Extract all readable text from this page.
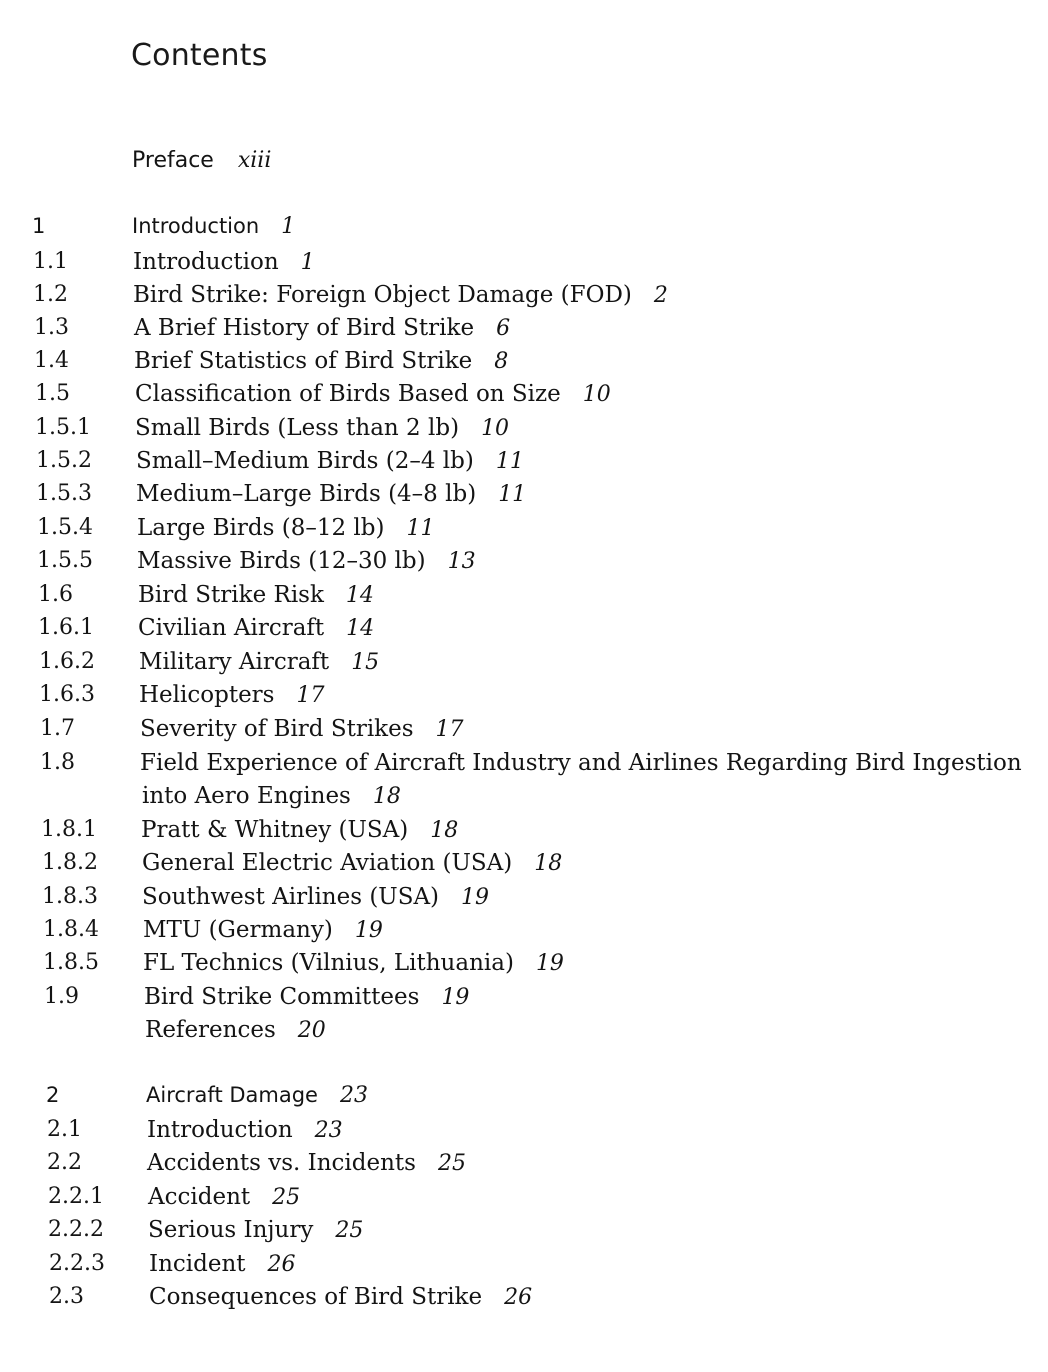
Contents
Preface xiii
1	Introduction 1
1.1	Introduction 1
1.2	Bird Strike: Foreign Object Damage (FOD) 2
1.3	A Brief History of Bird Strike 6
1.4	Brief Statistics of Bird Strike 8
1.5	Classification of Birds Based on Size 10
1.5.1 Small Birds (Less than 2 lb) 10
1.5.2 Small–Medium Birds (2–4 lb) 11
1.5.3 Medium–Large Birds (4–8 lb) 11
1.5.4 Large Birds (8–12 lb) 11
1.5.5 Massive Birds (12–30 lb) 13
1.6	Bird Strike Risk 14
1.6.1 Civilian Aircraft 14
1.6.2 Military Aircraft 15
1.6.3 Helicopters 17
1.7	Severity of Bird Strikes 17
1.8	Field Experience of Aircraft Industry and Airlines Regarding Bird Ingestion
into Aero Engines 18
1.8.1 Pratt & Whitney (USA) 18
1.8.2 General Electric Aviation (USA) 18
1.8.3 Southwest Airlines (USA) 19
1.8.4 MTU (Germany) 19
1.8.5 FL Technics (Vilnius, Lithuania) 19
1.9	Bird Strike Committees 19
References 20
2	Aircraft Damage 23
2.1	Introduction 23
2.2	Accidents vs. Incidents 25
2.2.1 Accident 25
2.2.2 Serious Injury 25
2.2.3 Incident 26
2.3	Consequences of Bird Strike 26
